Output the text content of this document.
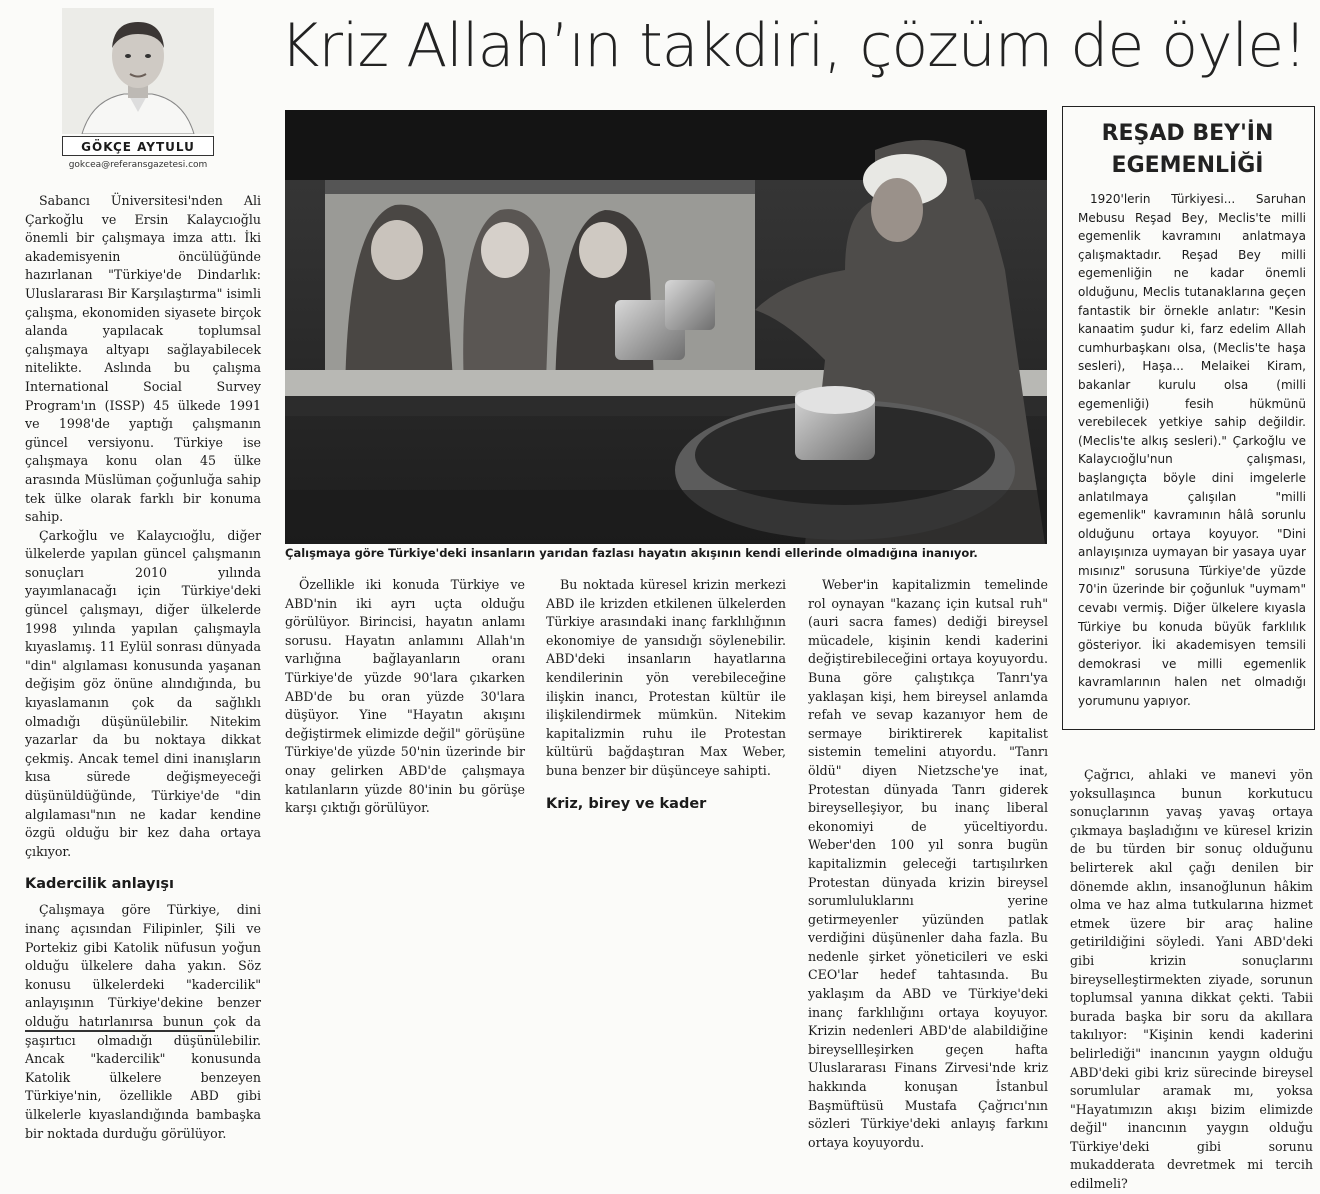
Kriz Allah’ın takdiri, çözüm de öyle!
GÖKÇE AYTULU
gokcea@referansgazetesi.com
Çalışmaya göre Türkiye'deki insanların yarıdan fazlası hayatın akışının kendi ellerinde olmadığına inanıyor.

Sabancı Üniversitesi'nden Ali Çarkoğlu ve Ersin Kalaycıoğlu önemli bir çalışmaya imza attı. İki akademisyenin öncülüğünde hazırlanan "Türkiye'de Dindarlık: Uluslararası Bir Karşılaştırma" isimli çalışma, ekonomiden siyasete birçok alanda yapılacak toplumsal çalışmaya altyapı sağlayabilecek nitelikte. Aslında bu çalışma International Social Survey Program'ın (ISSP) 45 ülkede 1991 ve 1998'de yaptığı çalışmanın güncel versiyonu. Türkiye ise çalışmaya konu olan 45 ülke arasında Müslüman çoğunluğa sahip tek ülke olarak farklı bir konuma sahip.

Çarkoğlu ve Kalaycıoğlu, diğer ülkelerde yapılan güncel çalışmanın sonuçları 2010 yılında yayımlanacağı için Türkiye'deki güncel çalışmayı, diğer ülkelerde 1998 yılında yapılan çalışmayla kıyaslamış. 11 Eylül sonrası dünyada "din" algılaması konusunda yaşanan değişim göz önüne alındığında, bu kıyaslamanın çok da sağlıklı olmadığı düşünülebilir. Nitekim yazarlar da bu noktaya dikkat çekmiş. Ancak temel dini inanışların kısa sürede değişmeyeceği düşünüldüğünde, Türkiye'de "din algılaması"nın ne kadar kendine özgü olduğu bir kez daha ortaya çıkıyor.

Kadercilik anlayışı

Çalışmaya göre Türkiye, dini inanç açısından Filipinler, Şili ve Portekiz gibi Katolik nüfusun yoğun olduğu ülkelere daha yakın. Söz konusu ülkelerdeki "kadercilik" anlayışının Türkiye'dekine benzer olduğu hatırlanırsa bunun çok da şaşırtıcı olmadığı düşünülebilir. Ancak "kadercilik" konusunda Katolik ülkelere benzeyen Türkiye'nin, özellikle ABD gibi ülkelerle kıyaslandığında bambaşka bir noktada durduğu görülüyor.

Özellikle iki konuda Türkiye ve ABD'nin iki ayrı uçta olduğu görülüyor. Birincisi, hayatın anlamı sorusu. Hayatın anlamını Allah'ın varlığına bağlayanların oranı Türkiye'de yüzde 90'lara çıkarken ABD'de bu oran yüzde 30'lara düşüyor. Yine "Hayatın akışını değiştirmek elimizde değil" görüşüne Türkiye'de yüzde 50'nin üzerinde bir onay gelirken ABD'de çalışmaya katılanların yüzde 80'inin bu görüşe karşı çıktığı görülüyor.

Bu noktada küresel krizin merkezi ABD ile krizden etkilenen ülkelerden Türkiye arasındaki inanç farklılığının ekonomiye de yansıdığı söylenebilir. ABD'deki insanların hayatlarına kendilerinin yön verebileceğine ilişkin inancı, Protestan kültür ile ilişkilendirmek mümkün. Nitekim kapitalizmin ruhu ile Protestan kültürü bağdaştıran Max Weber, buna benzer bir düşünceye sahipti.

Kriz, birey ve kader

Weber'in kapitalizmin temelinde rol oynayan "kazanç için kutsal ruh" (auri sacra fames) dediği bireysel mücadele, kişinin kendi kaderini değiştirebileceğini ortaya koyuyordu. Buna göre çalıştıkça Tanrı'ya yaklaşan kişi, hem bireysel anlamda refah ve sevap kazanıyor hem de sermaye biriktirerek kapitalist sistemin temelini atıyordu. "Tanrı öldü" diyen Nietzsche'ye inat, Protestan dünyada Tanrı giderek bireyselleşiyor, bu inanç liberal ekonomiyi de yüceltiyordu. Weber'den 100 yıl sonra bugün kapitalizmin geleceği tartışılırken Protestan dünyada krizin bireysel sorumluluklarını yerine getirmeyenler yüzünden patlak verdiğini düşünenler daha fazla. Bu nedenle şirket yöneticileri ve eski CEO'lar hedef tahtasında. Bu yaklaşım da ABD ve Türkiye'deki inanç farklılığını ortaya koyuyor. Krizin nedenleri ABD'de alabildiğine bireysellleşirken geçen hafta Uluslararası Finans Zirvesi'nde kriz hakkında konuşan İstanbul Başmüftüsü Mustafa Çağrıcı'nın sözleri Türkiye'deki anlayış farkını ortaya koyuyordu.

Çağrıcı, ahlaki ve manevi yön yoksullaşınca bunun korkutucu sonuçlarının yavaş yavaş ortaya çıkmaya başladığını ve küresel krizin de bu türden bir sonuç olduğunu belirterek akıl çağı denilen bir dönemde aklın, insanoğlunun hâkim olma ve haz alma tutkularına hizmet etmek üzere bir araç haline getirildiğini söyledi. Yani ABD'deki gibi krizin sonuçlarını bireyselleştirmekten ziyade, sorunun toplumsal yanına dikkat çekti. Tabii burada başka bir soru da akıllara takılıyor: "Kişinin kendi kaderini belirlediği" inancının yaygın olduğu ABD'deki gibi kriz sürecinde bireysel sorumlular aramak mı, yoksa "Hayatımızın akışı bizim elimizde değil" inancının yaygın olduğu Türkiye'deki gibi sorunu mukadderata devretmek mi tercih edilmeli?

REŞAD BEY'İN
EGEMENLİĞİ

1920'lerin Türkiyesi... Saruhan Mebusu Reşad Bey, Meclis'te milli egemenlik kavramını anlatmaya çalışmaktadır. Reşad Bey milli egemenliğin ne kadar önemli olduğunu, Meclis tutanaklarına geçen fantastik bir örnekle anlatır: "Kesin kanaatim şudur ki, farz edelim Allah cumhurbaşkanı olsa, (Meclis'te haşa sesleri), Haşa... Melaikei Kiram, bakanlar kurulu olsa (milli egemenliği) fesih hükmünü verebilecek yetkiye sahip değildir. (Meclis'te alkış sesleri)." Çarkoğlu ve Kalaycıoğlu'nun çalışması, başlangıçta böyle dini imgelerle anlatılmaya çalışılan "milli egemenlik" kavramının hâlâ sorunlu olduğunu ortaya koyuyor. "Dini anlayışınıza uymayan bir yasaya uyar mısınız" sorusuna Türkiye'de yüzde 70'in üzerinde bir çoğunluk "uymam" cevabı vermiş. Diğer ülkelere kıyasla Türkiye bu konuda büyük farklılık gösteriyor. İki akademisyen temsili demokrasi ve milli egemenlik kavramlarının halen net olmadığı yorumunu yapıyor.
